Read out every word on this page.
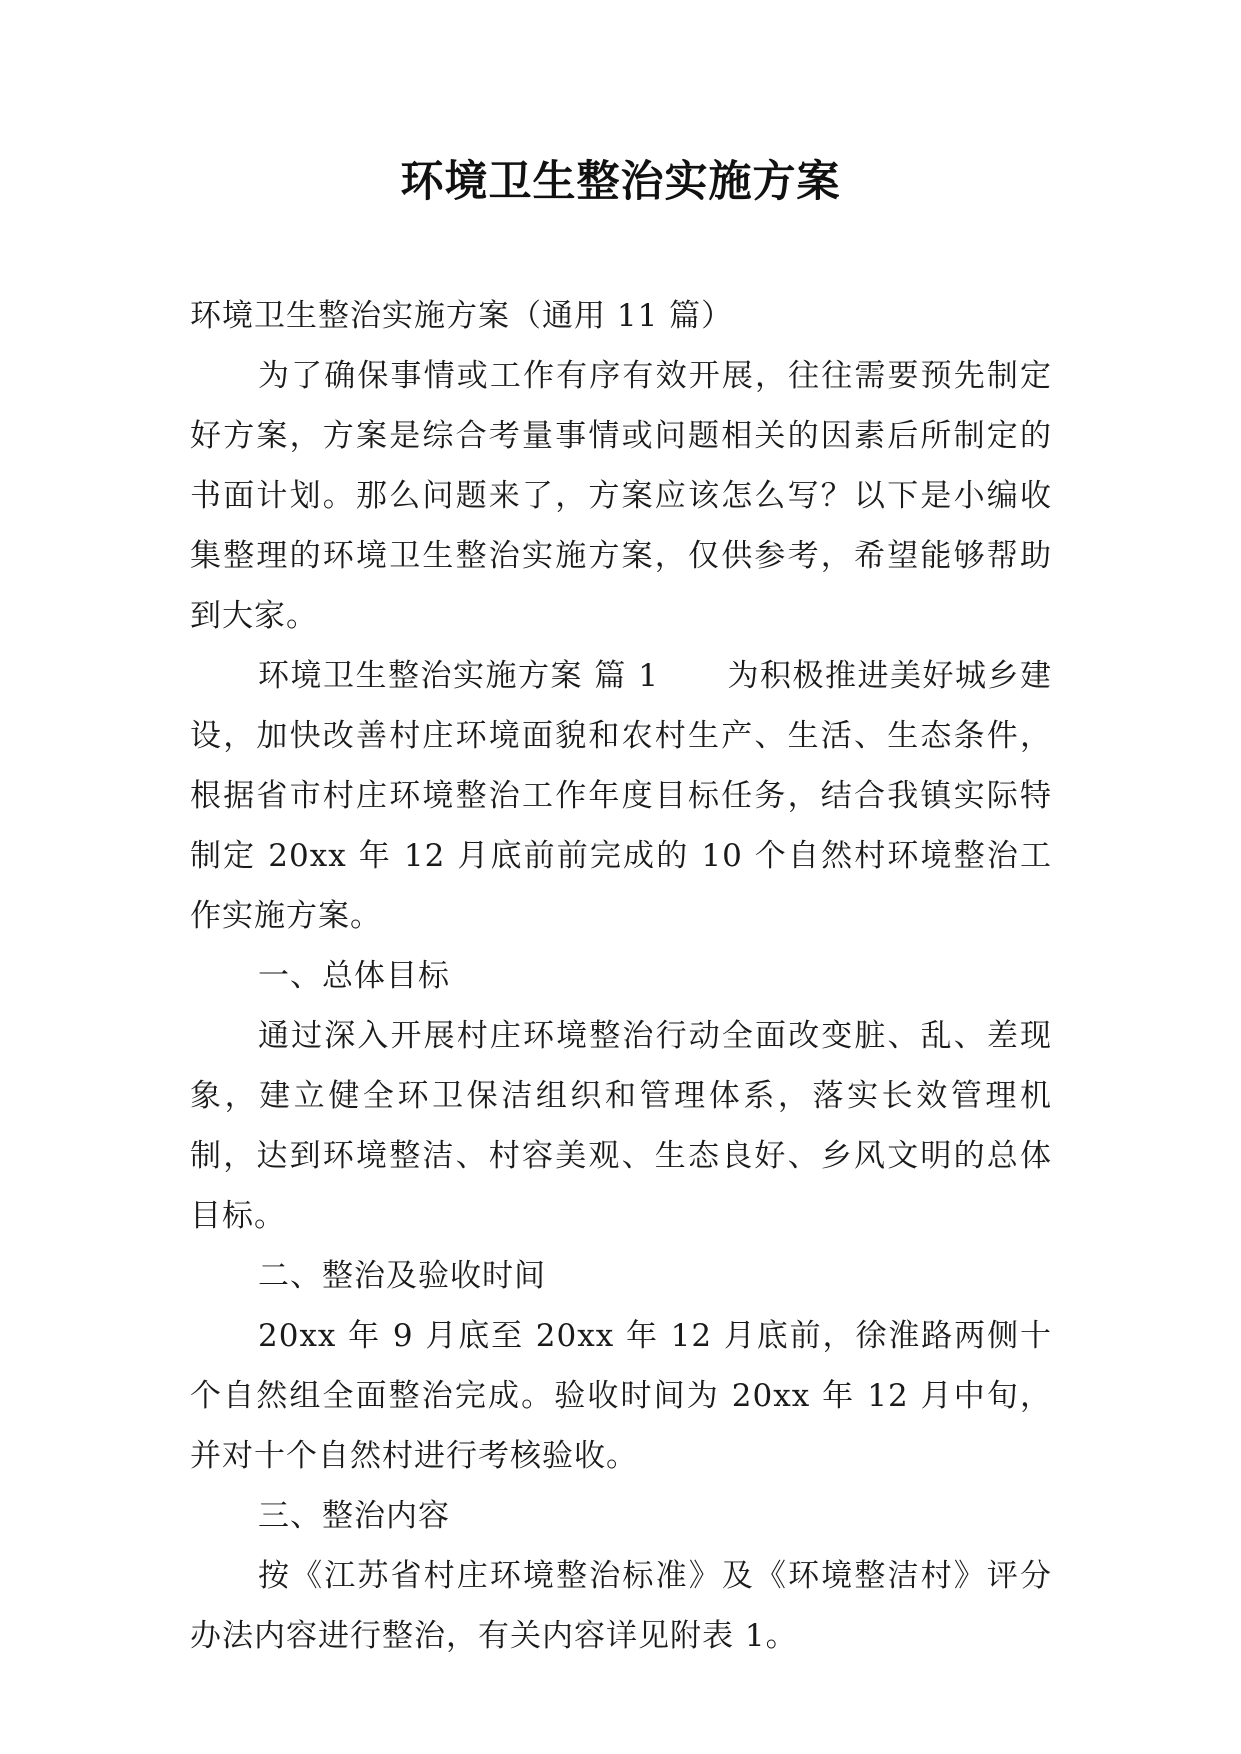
环境卫生整治实施方案

环境卫生整治实施方案（通用 11 篇）

为了确保事情或工作有序有效开展，往往需要预先制定好方案，方案是综合考量事情或问题相关的因素后所制定的书面计划。那么问题来了，方案应该怎么写？以下是小编收集整理的环境卫生整治实施方案，仅供参考，希望能够帮助到大家。

环境卫生整治实施方案 篇 1 为积极推进美好城乡建设，加快改善村庄环境面貌和农村生产、生活、生态条件，根据省市村庄环境整治工作年度目标任务，结合我镇实际特制定 20xx 年 12 月底前前完成的 10 个自然村环境整治工作实施方案。

一、总体目标

通过深入开展村庄环境整治行动全面改变脏、乱、差现象，建立健全环卫保洁组织和管理体系，落实长效管理机制，达到环境整洁、村容美观、生态良好、乡风文明的总体目标。

二、整治及验收时间

20xx 年 9 月底至 20xx 年 12 月底前，徐淮路两侧十个自然组全面整治完成。验收时间为 20xx 年 12 月中旬，并对十个自然村进行考核验收。

三、整治内容

按《江苏省村庄环境整治标准》及《环境整洁村》评分办法内容进行整治，有关内容详见附表 1。
